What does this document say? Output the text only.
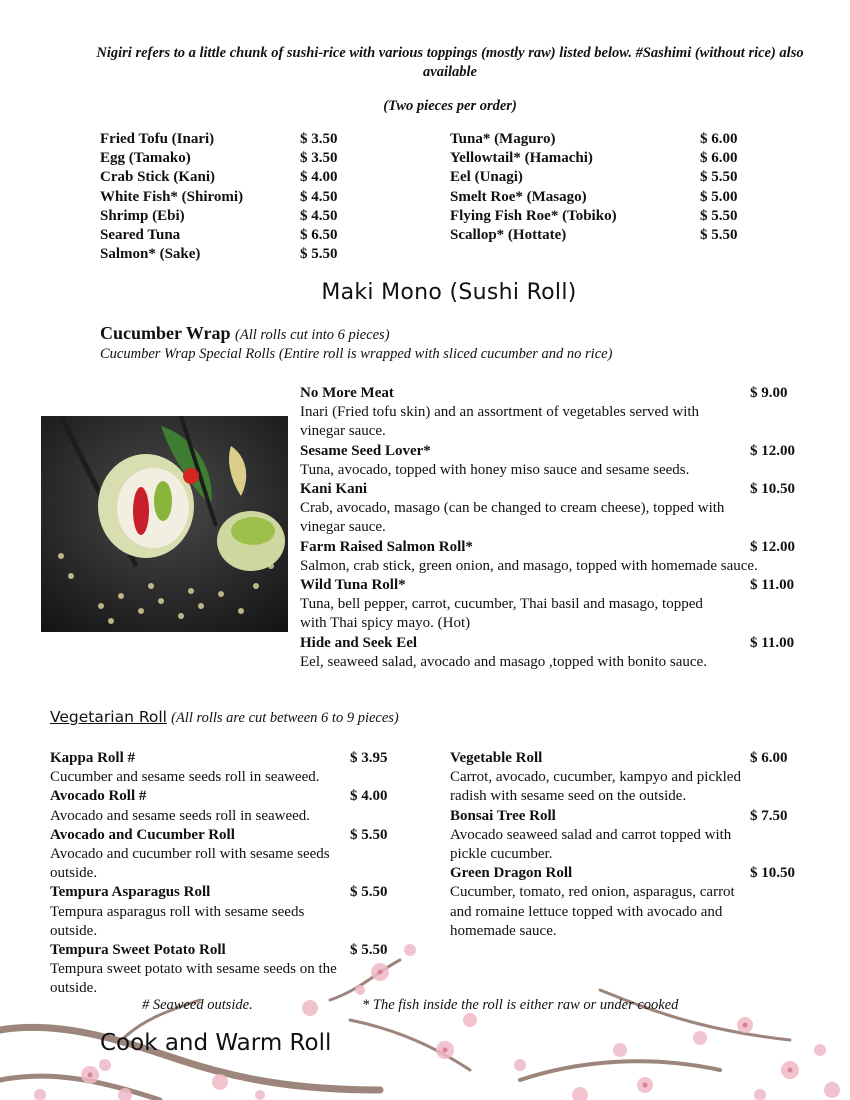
Nigiri refers to a little chunk of sushi-rice with various toppings (mostly raw) listed below. #Sashimi (without rice) also available
(Two pieces per order)
Fried Tofu (Inari)	$ 3.50
Egg (Tamako)	$ 3.50
Crab Stick (Kani)	$ 4.00
White Fish* (Shiromi)	$ 4.50
Shrimp (Ebi)	$ 4.50
Seared Tuna	$ 6.50
Salmon* (Sake)	$ 5.50
Tuna* (Maguro)	$ 6.00
Yellowtail* (Hamachi)	$ 6.00
Eel (Unagi)	$ 5.50
Smelt Roe* (Masago)	$ 5.00
Flying Fish Roe* (Tobiko)	$ 5.50
Scallop* (Hottate)	$ 5.50
Maki Mono (Sushi Roll)
Cucumber Wrap (All rolls cut into 6 pieces)
Cucumber Wrap Special Rolls (Entire roll is wrapped with sliced cucumber and no rice)
No More Meat	$ 9.00
Inari (Fried tofu skin) and an assortment of vegetables served with vinegar sauce.
Sesame Seed Lover*	$ 12.00
Tuna, avocado, topped with honey miso sauce and sesame seeds.
Kani Kani	$ 10.50
Crab, avocado, masago (can be changed to cream cheese), topped with vinegar sauce.
Farm Raised Salmon Roll*	$ 12.00
Salmon, crab stick, green onion, and masago, topped with homemade sauce.
Wild Tuna Roll*	$ 11.00
Tuna, bell pepper, carrot, cucumber, Thai basil and masago, topped with Thai spicy mayo. (Hot)
Hide and Seek Eel	$ 11.00
Eel, seaweed salad, avocado and masago ,topped with bonito sauce.
Vegetarian Roll (All rolls are cut between 6 to 9 pieces)
Kappa Roll #	$ 3.95
Cucumber and sesame seeds roll in seaweed.
Avocado Roll #	$ 4.00
Avocado and sesame seeds roll in seaweed.
Avocado and Cucumber Roll	$ 5.50
Avocado and cucumber roll with sesame seeds outside.
Tempura Asparagus Roll	$ 5.50
Tempura asparagus roll with sesame seeds outside.
Tempura Sweet Potato Roll	$ 5.50
Tempura sweet potato with sesame seeds on the outside.
Vegetable Roll	$ 6.00
Carrot, avocado, cucumber, kampyo and pickled radish with sesame seed on the outside.
Bonsai Tree Roll	$ 7.50
Avocado seaweed salad and carrot topped with pickle cucumber.
Green Dragon Roll	$ 10.50
Cucumber, tomato, red onion, asparagus, carrot and romaine lettuce topped with avocado and homemade sauce.
# Seaweed outside.	* The fish inside the roll is either raw or under cooked
Cook and Warm Roll
